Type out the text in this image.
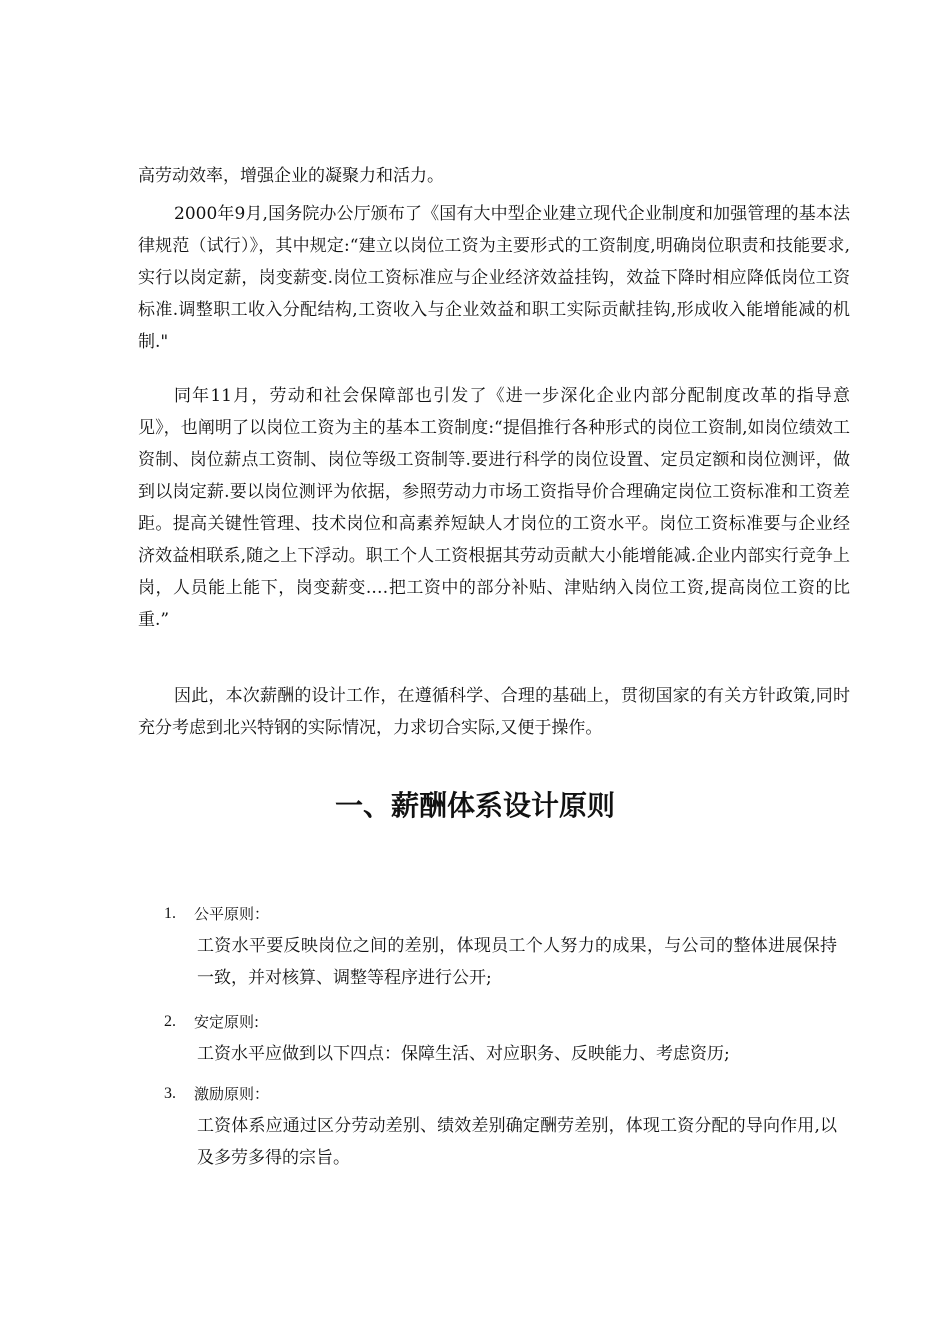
高劳动效率，增强企业的凝聚力和活力。

2000年9月,国务院办公厅颁布了《国有大中型企业建立现代企业制度和加强管理的基本法律规范（试行）》，其中规定:“建立以岗位工资为主要形式的工资制度,明确岗位职责和技能要求,实行以岗定薪，岗变薪变.岗位工资标准应与企业经济效益挂钩，效益下降时相应降低岗位工资标准.调整职工收入分配结构,工资收入与企业效益和职工实际贡献挂钩,形成收入能增能减的机制."

同年11月，劳动和社会保障部也引发了《进一步深化企业内部分配制度改革的指导意见》，也阐明了以岗位工资为主的基本工资制度:“提倡推行各种形式的岗位工资制,如岗位绩效工资制、岗位薪点工资制、岗位等级工资制等.要进行科学的岗位设置、定员定额和岗位测评，做到以岗定薪.要以岗位测评为依据，参照劳动力市场工资指导价合理确定岗位工资标准和工资差距。提高关键性管理、技术岗位和高素养短缺人才岗位的工资水平。岗位工资标准要与企业经济效益相联系,随之上下浮动。职工个人工资根据其劳动贡献大小能增能减.企业内部实行竞争上岗，人员能上能下，岗变薪变.…把工资中的部分补贴、津贴纳入岗位工资,提高岗位工资的比重.”

因此，本次薪酬的设计工作，在遵循科学、合理的基础上，贯彻国家的有关方针政策,同时充分考虑到北兴特钢的实际情况，力求切合实际,又便于操作。

一、薪酬体系设计原则
1. 公平原则：

工资水平要反映岗位之间的差别，体现员工个人努力的成果，与公司的整体进展保持一致，并对核算、调整等程序进行公开;

2. 安定原则:

工资水平应做到以下四点：保障生活、对应职务、反映能力、考虑资历;

3. 激励原则：

工资体系应通过区分劳动差别、绩效差别确定酬劳差别，体现工资分配的导向作用,以及多劳多得的宗旨。
